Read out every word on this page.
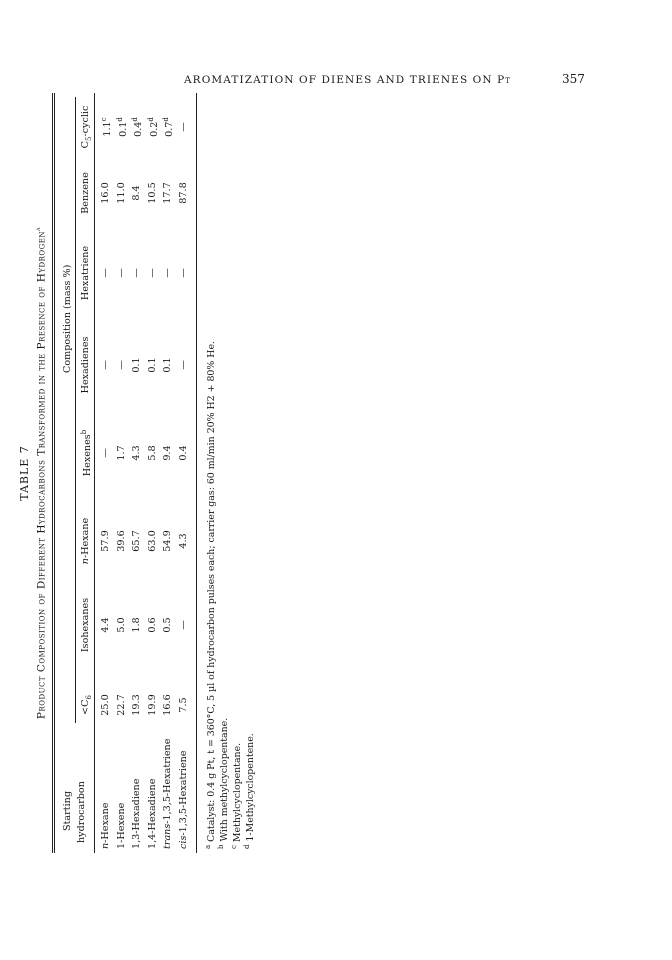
AROMATIZATION OF DIENES AND TRIENES ON Pt	357
TABLE 7 Product Composition of Different Hydrocarbons Transformed in the Presence of Hydrogen$^a$
Starting hydrocarbon
Composition (mass %)
$<C_6$
Isohexanes
n-Hexane
Hexenes$^b$
Hexadienes
Hexatriene
Benzene
$C_5$-cyclic
n-Hexane
25.0
4.4
57.9
—
—
—
16.0
1.1$^c$
1-Hexene
22.7
5.0
39.6
1.7
—
—
11.0
0.1$^d$
1,3-Hexadiene
19.3
1.8
65.7
4.3
0.1
—
8.4
0.4$^d$
1,4-Hexadiene
19.9
0.6
63.0
5.8
0.1
—
10.5
0.2$^d$
trans-1,3,5-Hexatriene
16.6
0.5
54.9
9.4
0.1
—
17.7
0.7$^d$
cis-1,3,5-Hexatriene
7.5
—
4.3
0.4
—
—
87.8
—
$^a$ Catalyst: 0.4 g Pt, t = 360°C, 5 µl of hydrocarbon pulses each; carrier gas: 60 ml/min 20% H2 + 80% He.
$^b$ With methylcyclopentane.
$^c$ Methylcyclopentane.
$^d$ 1-Methylcyclopentene.
